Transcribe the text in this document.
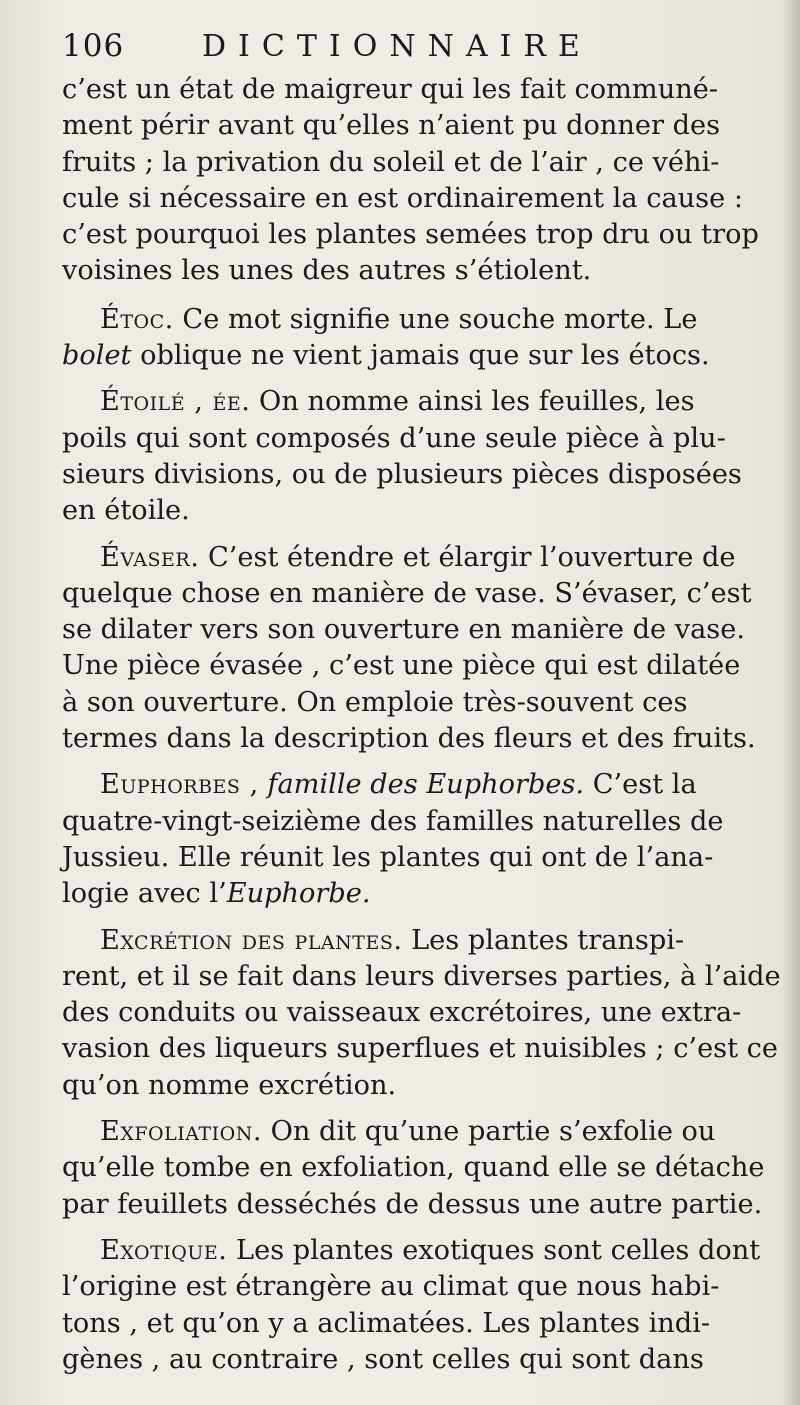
106	DICTIONNAIRE
c’est un état de maigreur qui les fait communé-
ment périr avant qu’elles n’aient pu donner des
fruits ; la privation du soleil et de l’air , ce véhi-
cule si nécessaire en est ordinairement la cause :
c’est pourquoi les plantes semées trop dru ou trop
voisines les unes des autres s’étiolent.
Étoc. Ce mot signifie une souche morte. Le
bolet oblique ne vient jamais que sur les étocs.
Étoilé , ée. On nomme ainsi les feuilles, les
poils qui sont composés d’une seule pièce à plu-
sieurs divisions, ou de plusieurs pièces disposées
en étoile.
Évaser. C’est étendre et élargir l’ouverture de
quelque chose en manière de vase. S’évaser, c’est
se dilater vers son ouverture en manière de vase.
Une pièce évasée , c’est une pièce qui est dilatée
à son ouverture. On emploie très-souvent ces
termes dans la description des fleurs et des fruits.
Euphorbes , famille des Euphorbes. C’est la
quatre-vingt-seizième des familles naturelles de
Jussieu. Elle réunit les plantes qui ont de l’ana-
logie avec l’Euphorbe.
Excrétion des plantes. Les plantes transpi-
rent, et il se fait dans leurs diverses parties, à l’aide
des conduits ou vaisseaux excrétoires, une extra-
vasion des liqueurs superflues et nuisibles ; c’est ce
qu’on nomme excrétion.
Exfoliation. On dit qu’une partie s’exfolie ou
qu’elle tombe en exfoliation, quand elle se détache
par feuillets desséchés de dessus une autre partie.
Exotique. Les plantes exotiques sont celles dont
l’origine est étrangère au climat que nous habi-
tons , et qu’on y a aclimatées. Les plantes indi-
gènes , au contraire , sont celles qui sont dans
